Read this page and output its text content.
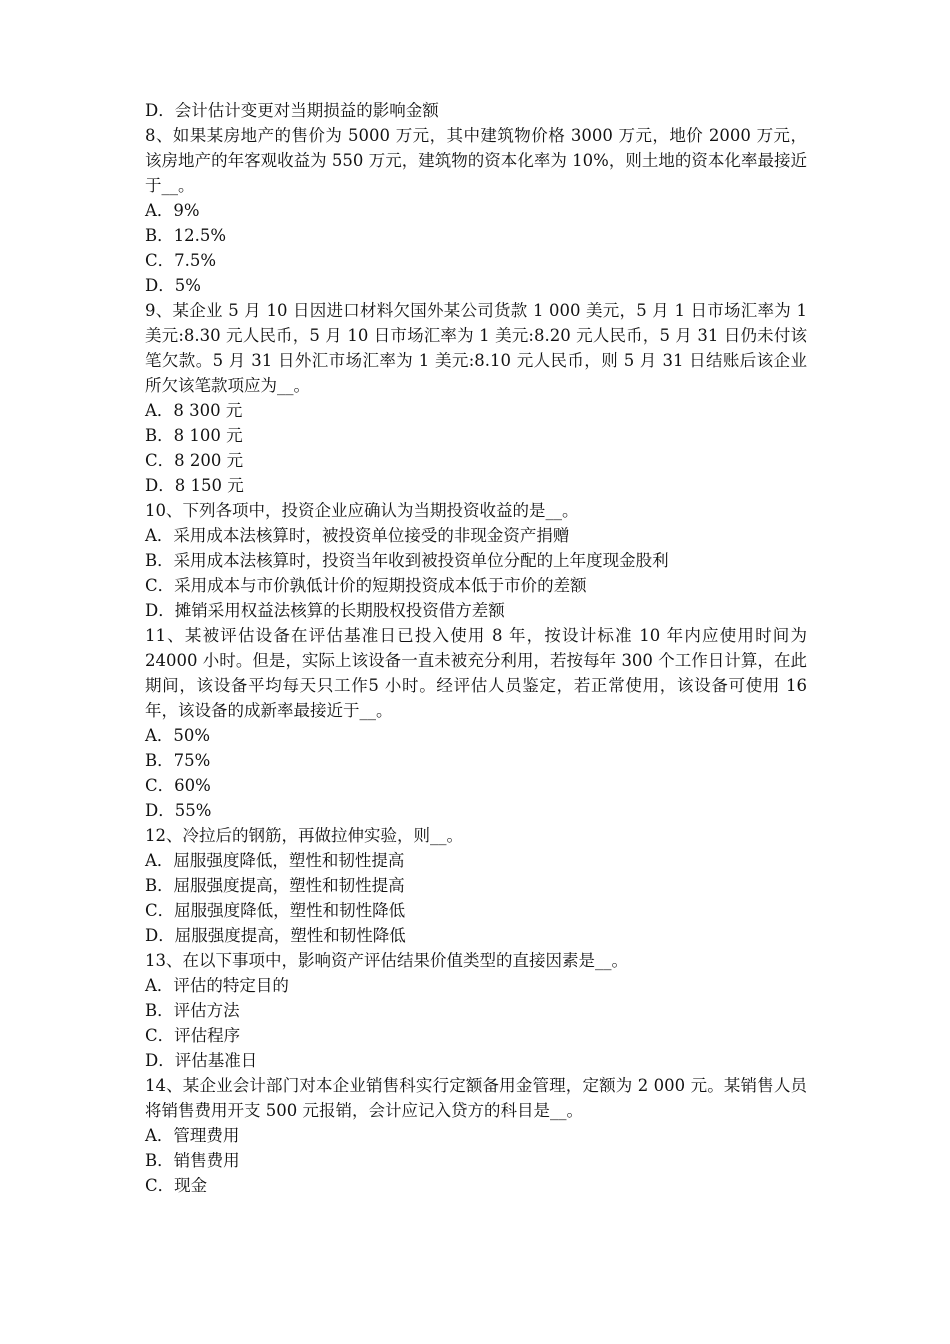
D．会计估计变更对当期损益的影响金额
8、如果某房地产的售价为 5000 万元，其中建筑物价格 3000 万元，地价 2000 万元，该房地产的年客观收益为 550 万元，建筑物的资本化率为 10%，则土地的资本化率最接近于__。
A．9%
B．12.5%
C．7.5%
D．5%
9、某企业 5 月 10 日因进口材料欠国外某公司货款 1 000 美元，5 月 1 日市场汇率为 1 美元:8.30 元人民币，5 月 10 日市场汇率为 1 美元:8.20 元人民币，5 月 31 日仍未付该笔欠款。5 月 31 日外汇市场汇率为 1 美元:8.10 元人民币，则 5 月 31 日结账后该企业所欠该笔款项应为__。
A．8 300 元
B．8 100 元
C．8 200 元
D．8 150 元
10、下列各项中，投资企业应确认为当期投资收益的是__。
A．采用成本法核算时，被投资单位接受的非现金资产捐赠
B．采用成本法核算时，投资当年收到被投资单位分配的上年度现金股利
C．采用成本与市价孰低计价的短期投资成本低于市价的差额
D．摊销采用权益法核算的长期股权投资借方差额
11、某被评估设备在评估基准日已投入使用 8 年，按设计标准 10 年内应使用时间为 24000 小时。但是，实际上该设备一直未被充分利用，若按每年 300 个工作日计算，在此期间，该设备平均每天只工作5 小时。经评估人员鉴定，若正常使用，该设备可使用 16 年，该设备的成新率最接近于__。
A．50%
B．75%
C．60%
D．55%
12、冷拉后的钢筋，再做拉伸实验，则__。
A．屈服强度降低，塑性和韧性提高
B．屈服强度提高，塑性和韧性提高
C．屈服强度降低，塑性和韧性降低
D．屈服强度提高，塑性和韧性降低
13、在以下事项中，影响资产评估结果价值类型的直接因素是__。
A．评估的特定目的
B．评估方法
C．评估程序
D．评估基准日
14、某企业会计部门对本企业销售科实行定额备用金管理，定额为 2 000 元。某销售人员将销售费用开支 500 元报销，会计应记入贷方的科目是__。
A．管理费用
B．销售费用
C．现金
